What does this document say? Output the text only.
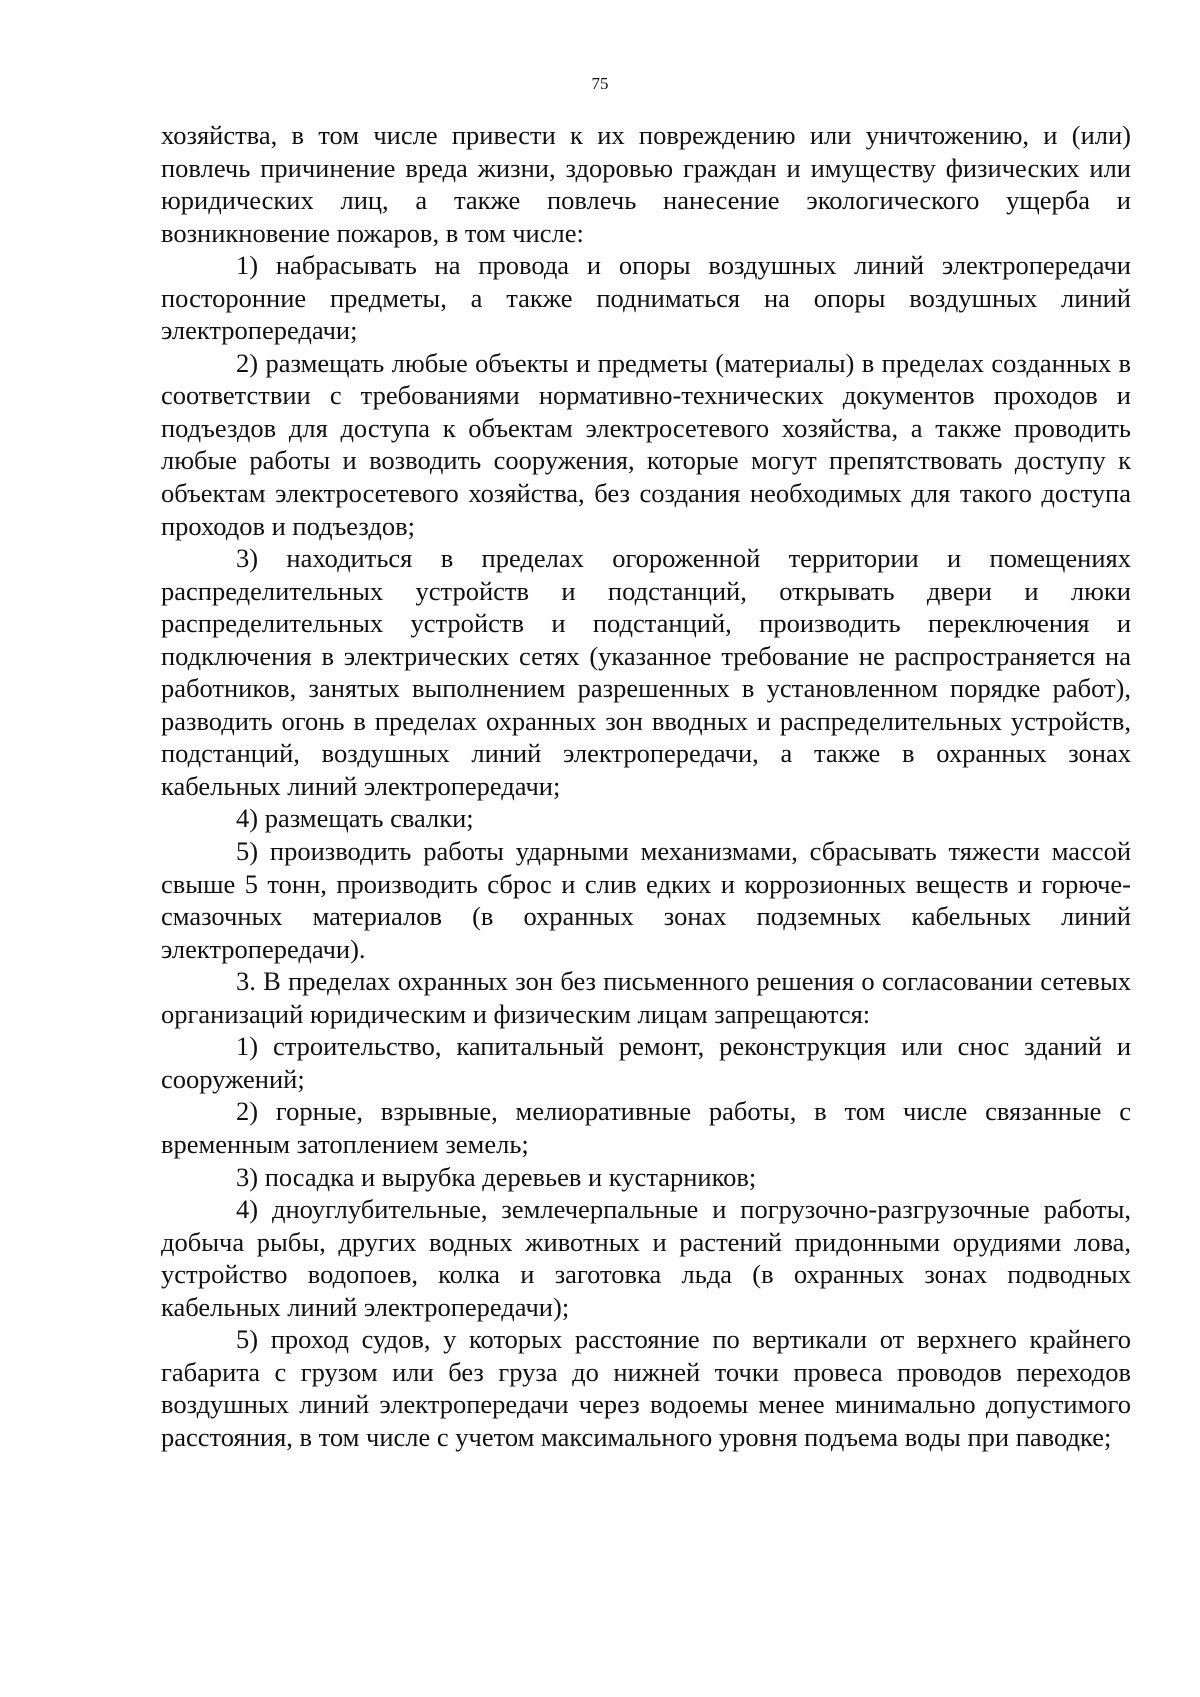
75

хозяйства, в том числе привести к их повреждению или уничтожению, и (или) повлечь причинение вреда жизни, здоровью граждан и имуществу физических или юридических лиц, а также повлечь нанесение экологического ущерба и возникновение пожаров, в том числе:

1) набрасывать на провода и опоры воздушных линий электропередачи посторонние предметы, а также подниматься на опоры воздушных линий электропередачи;

2) размещать любые объекты и предметы (материалы) в пределах созданных в соответствии с требованиями нормативно-технических документов проходов и подъездов для доступа к объектам электросетевого хозяйства, а также проводить любые работы и возводить сооружения, которые могут препятствовать доступу к объектам электросетевого хозяйства, без создания необходимых для такого доступа проходов и подъездов;

3) находиться в пределах огороженной территории и помещениях распределительных устройств и подстанций, открывать двери и люки распределительных устройств и подстанций, производить переключения и подключения в электрических сетях (указанное требование не распространяется на работников, занятых выполнением разрешенных в установленном порядке работ), разводить огонь в пределах охранных зон вводных и распределительных устройств, подстанций, воздушных линий электропередачи, а также в охранных зонах кабельных линий электропередачи;

4) размещать свалки;

5) производить работы ударными механизмами, сбрасывать тяжести массой свыше 5 тонн, производить сброс и слив едких и коррозионных веществ и горюче-смазочных материалов (в охранных зонах подземных кабельных линий электропередачи).

3. В пределах охранных зон без письменного решения о согласовании сетевых организаций юридическим и физическим лицам запрещаются:

1) строительство, капитальный ремонт, реконструкция или снос зданий и сооружений;

2) горные, взрывные, мелиоративные работы, в том числе связанные с временным затоплением земель;

3) посадка и вырубка деревьев и кустарников;

4) дноуглубительные, землечерпальные и погрузочно-разгрузочные работы, добыча рыбы, других водных животных и растений придонными орудиями лова, устройство водопоев, колка и заготовка льда (в охранных зонах подводных кабельных линий электропередачи);

5) проход судов, у которых расстояние по вертикали от верхнего крайнего габарита с грузом или без груза до нижней точки провеса проводов переходов воздушных линий электропередачи через водоемы менее минимально допустимого расстояния, в том числе с учетом максимального уровня подъема воды при паводке;
